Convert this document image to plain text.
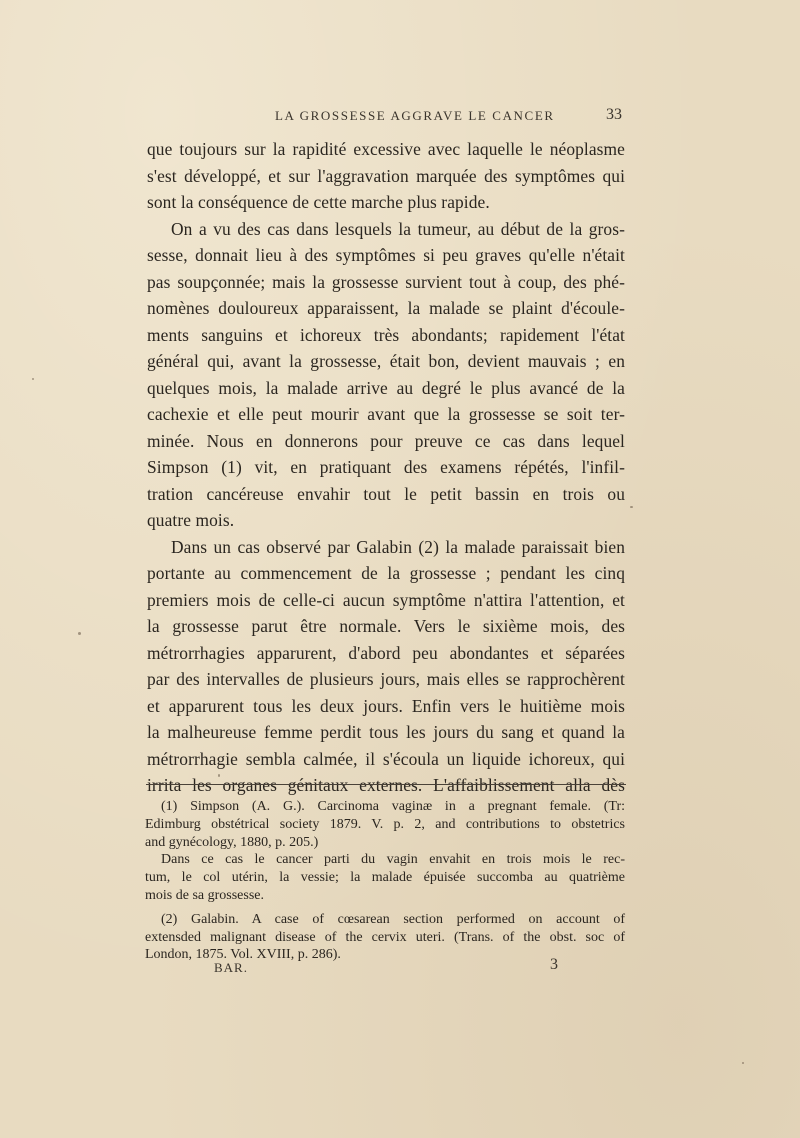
LA GROSSESSE AGGRAVE LE CANCER	33
que toujours sur la rapidité excessive avec laquelle le néoplasme
s'est développé, et sur l'aggravation marquée des symptômes qui
sont la conséquence de cette marche plus rapide.
On a vu des cas dans lesquels la tumeur, au début de la gros-
sesse, donnait lieu à des symptômes si peu graves qu'elle n'était
pas soupçonnée; mais la grossesse survient tout à coup, des phé-
nomènes douloureux apparaissent, la malade se plaint d'écoule-
ments sanguins et ichoreux très abondants; rapidement l'état
général qui, avant la grossesse, était bon, devient mauvais ; en
quelques mois, la malade arrive au degré le plus avancé de la
cachexie et elle peut mourir avant que la grossesse se soit ter-
minée. Nous en donnerons pour preuve ce cas dans lequel
Simpson (1) vit, en pratiquant des examens répétés, l'infil-
tration cancéreuse envahir tout le petit bassin en trois ou
quatre mois.
Dans un cas observé par Galabin (2) la malade paraissait bien
portante au commencement de la grossesse ; pendant les cinq
premiers mois de celle-ci aucun symptôme n'attira l'attention, et
la grossesse parut être normale. Vers le sixième mois, des
métrorrhagies apparurent, d'abord peu abondantes et séparées
par des intervalles de plusieurs jours, mais elles se rapprochèrent
et apparurent tous les deux jours. Enfin vers le huitième mois
la malheureuse femme perdit tous les jours du sang et quand la
métrorrhagie sembla calmée, il s'écoula un liquide ichoreux, qui
irrita les organes génitaux externes. L'affaiblissement alla dès
(1) Simpson (A. G.). Carcinoma vaginæ in a pregnant female. (Tr:
Edimburg obstétrical society 1879. V. p. 2, and contributions to obstetrics
and gynécology, 1880, p. 205.)
Dans ce cas le cancer parti du vagin envahit en trois mois le rec-
tum, le col utérin, la vessie; la malade épuisée succomba au quatrième
mois de sa grossesse.
(2) Galabin. A case of cœsarean section performed on account of
extensded malignant disease of the cervix uteri. (Trans. of the obst. soc of
London, 1875. Vol. XVIII, p. 286).
BAR.	3
